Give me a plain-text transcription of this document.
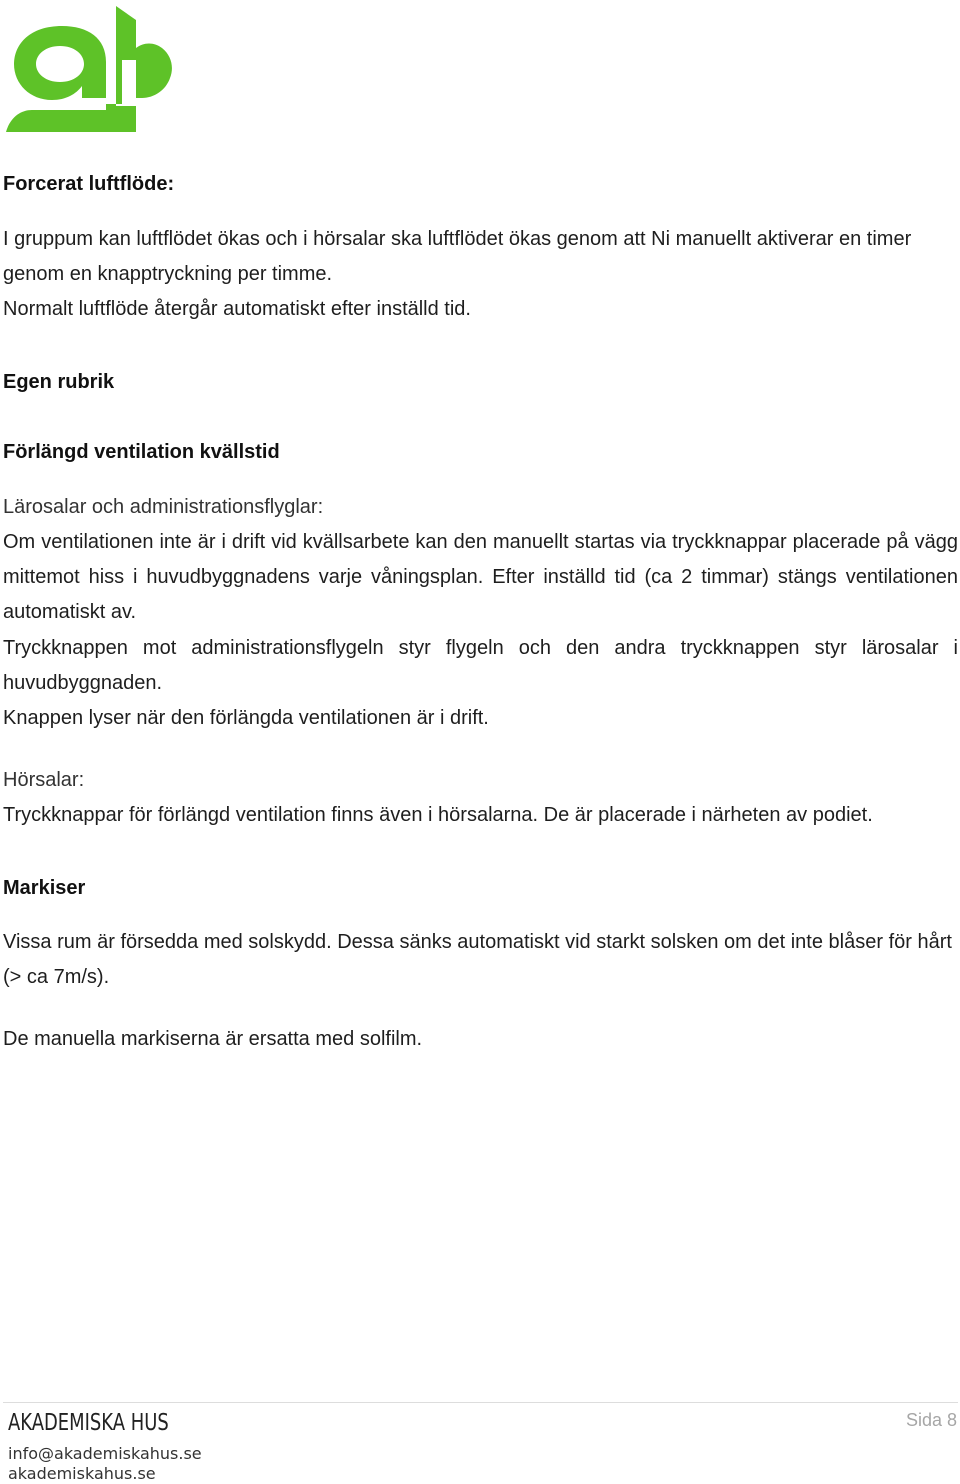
Forcerat luftflöde:

I gruppum kan luftflödet ökas och i hörsalar ska luftflödet ökas genom att Ni manuellt aktiverar en timer genom en knapptryckning per timme.

Normalt luftflöde återgår automatiskt efter inställd tid.

Egen rubrik
Förlängd ventilation kvällstid

Lärosalar och administrationsflyglar:

Om ventilationen inte är i drift vid kvällsarbete kan den manuellt startas via tryckknappar placerade på vägg mittemot hiss i huvudbyggnadens varje våningsplan. Efter inställd tid (ca 2 timmar) stängs ventilationen automatiskt av.

Tryckknappen mot administrationsflygeln styr flygeln och den andra tryckknappen styr lärosalar i huvudbyggnaden.

Knappen lyser när den förlängda ventilationen är i drift.

Hörsalar:

Tryckknappar för förlängd ventilation finns även i hörsalarna. De är placerade i närheten av podiet.

Markiser

Vissa rum är försedda med solskydd. Dessa sänks automatiskt vid starkt solsken om det inte blåser för hårt (> ca 7m/s).

De manuella markiserna är ersatta med solfilm.

AKADEMISKA HUS
info@akademiskahus.se
akademiskahus.se
Sida 8
